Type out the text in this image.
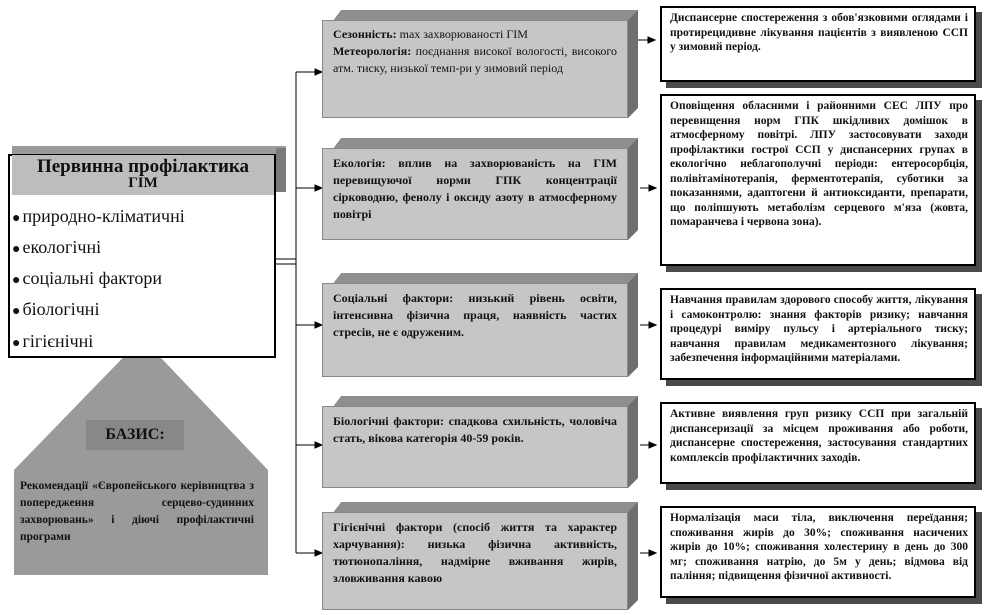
Первинна профілактика
ГІМ
● природно-кліматичні
● екологічні
● соціальні фактори
● біологічні
● гігієнічні
БАЗИС:
Рекомендації «Європейського керівництва з попередження серцево-судинних захворювань» і діючі профілактичні програми
Сезонність: max захворюваності ГІМ
Метеорологія: поєднання високої вологості, високого атм. тиску, низької темп-ри у зимовий період
Екологія: вплив на захворюваність на ГІМ перевищуючої норми ГПК концентрації сірководню, фенолу і оксиду азоту в атмосферному повітрі
Соціальні фактори: низький рівень освіти, інтенсивна фізична праця, наявність частих стресів, не є одруженим.
Біологічні фактори: спадкова схильність, чоловіча стать, вікова категорія 40-59 років.
Гігієнічні фактори (спосіб життя та характер харчування): низька фізична активність, тютюнопаління, надмірне вживання жирів, зловживання кавою
Диспансерне спостереження з обов'язковими оглядами і протирецидивне лікування пацієнтів з виявленою ССП у зимовий період.
Оповіщення обласними і районними СЕС ЛПУ про перевищення норм ГПК шкідливих домішок в атмосферному повітрі. ЛПУ застосовувати заходи профілактики гострої ССП у диспансерних групах в екологічно неблагополучні періоди: ентеросорбція, полівітамінотерапія, ферментотерапія, суботики за показаннями, адаптогени й антиоксиданти, препарати, що поліпшують метаболізм серцевого м'яза (жовта, помаранчева і червона зона).
Навчання правилам здорового способу життя, лікування і самоконтролю: знання факторів ризику; навчання процедурі виміру пульсу і артеріального тиску; навчання правилам медикаментозного лікування; забезпечення інформаційними матеріалами.
Активне виявлення груп ризику ССП при загальній диспансеризації за місцем проживання або роботи, диспансерне спостереження, застосування стандартних комплексів профілактичних заходів.
Нормалізація маси тіла, виключення переїдання; споживання жирів до 30%; споживання насичених жирів до 10%; споживання холестерину в день до 300 мг; споживання натрію, до 5м у день; відмова від паління; підвищення фізичної активності.
